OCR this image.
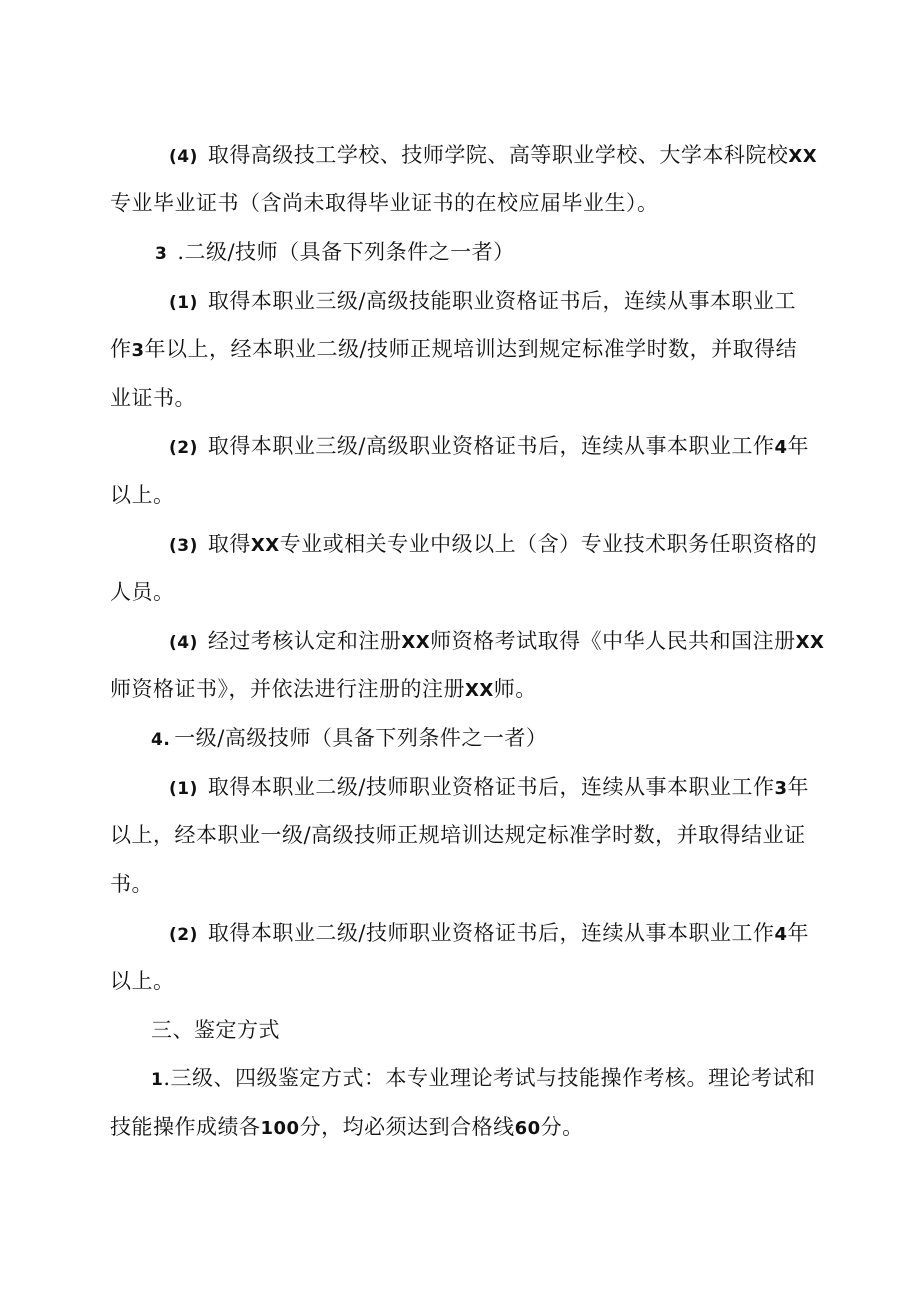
(4) 取得高级技工学校、技师学院、高等职业学校、大学本科院校XX
专业毕业证书（含尚未取得毕业证书的在校应届毕业生）。
3 .二级/技师（具备下列条件之一者）
(1) 取得本职业三级/高级技能职业资格证书后，连续从事本职业工
作3年以上，经本职业二级/技师正规培训达到规定标准学时数，并取得结
业证书。
(2) 取得本职业三级/高级职业资格证书后，连续从事本职业工作4年
以上。
(3) 取得XX专业或相关专业中级以上（含）专业技术职务任职资格的
人员。
(4) 经过考核认定和注册XX师资格考试取得《中华人民共和国注册XX
师资格证书》，并依法进行注册的注册XX师。
4. 一级/高级技师（具备下列条件之一者）
(1) 取得本职业二级/技师职业资格证书后，连续从事本职业工作3年
以上，经本职业一级/高级技师正规培训达规定标准学时数，并取得结业证
书。
(2) 取得本职业二级/技师职业资格证书后，连续从事本职业工作4年
以上。
三、鉴定方式
1.三级、四级鉴定方式：本专业理论考试与技能操作考核。理论考试和
技能操作成绩各100分，均必须达到合格线60分。
